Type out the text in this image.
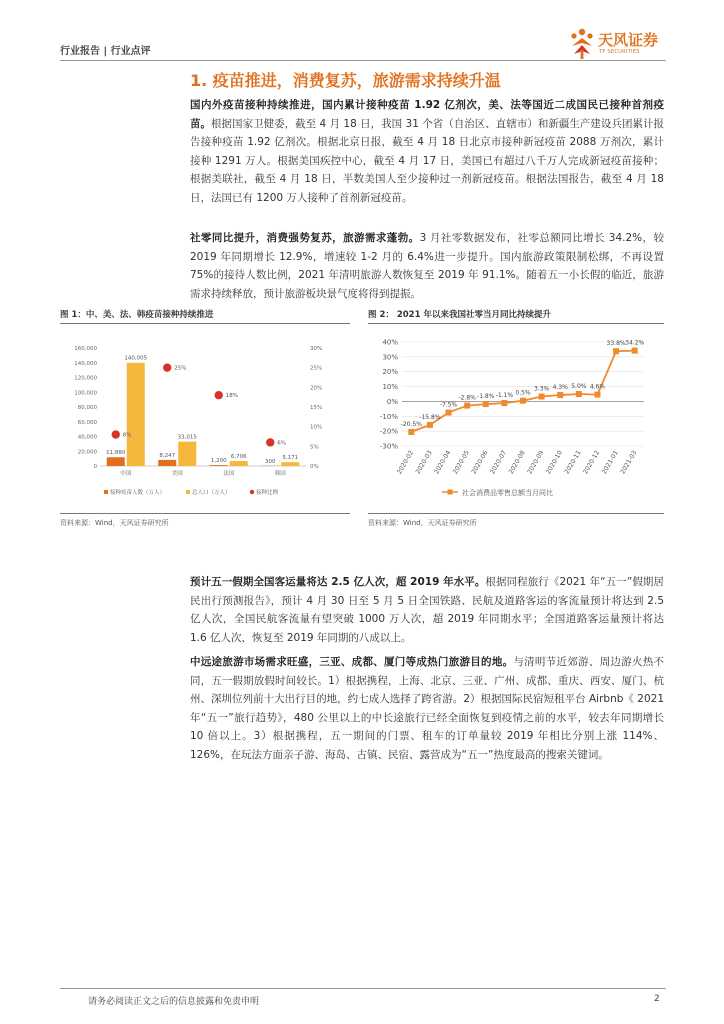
行业报告 | 行业点评
天风证券
TF SECURITIES
1. 疫苗推进，消费复苏，旅游需求持续升温

国内外疫苗接种持续推进，国内累计接种疫苗 1.92 亿剂次，美、法等国近二成国民已接种首剂疫苗。根据国家卫健委，截至 4 月 18 日，我国 31 个省（自治区、直辖市）和新疆生产建设兵团累计报告接种疫苗 1.92 亿剂次。根据北京日报，截至 4 月 18 日北京市接种新冠疫苗 2088 万剂次，累计接种 1291 万人。根据美国疾控中心，截至 4 月 17 日，美国已有超过八千万人完成新冠疫苗接种；根据美联社，截至 4 月 18 日，半数美国人至少接种过一剂新冠疫苗。根据法国报告，截至 4 月 18 日，法国已有 1200 万人接种了首剂新冠疫苗。

社零同比提升，消费强势复苏，旅游需求蓬勃。3 月社零数据发布，社零总额同比增长 34.2%，较 2019 年同期增长 12.9%，增速较 1-2 月的 6.4%进一步提升。国内旅游政策限制松绑，不再设置 75%的接待人数比例，2021 年清明旅游人数恢复至 2019 年 91.1%。随着五一小长假的临近，旅游需求持续释放，预计旅游板块景气度将得到提振。

图 1：中、美、法、韩疫苗接种持续推进
0
20,000
40,000
60,000
80,000
100,000
120,000
140,000
160,000
0%
5%
10%
15%
20%
25%
30%
11,880
140,005
8%
中国
8,247
33,015
25%
美国
1,200
6,706
18%
法国
300
5,171
6%
韩国
接种疫苗人数（万人）	总人口（万人）	接种比例
资料来源：Wind，天风证券研究所
图 2： 2021 年以来我国社零当月同比持续提升
-30%
-20%
-10%
0%
10%
20%
30%
40%
-20.5%
2020-02
-15.8%
2020-03
-7.5%
2020-04
-2.8%
2020-05
-1.8%
2020-06
-1.1%
2020-07
0.5%
2020-08
3.3%
2020-09
4.3%
2020-10
5.0%
2020-11
4.6%
2020-12
33.8%
2021-01
34.2%
2021-03
社会消费品零售总额当月同比
资料来源：Wind，天风证券研究所

预计五一假期全国客运量将达 2.5 亿人次，超 2019 年水平。根据同程旅行《2021 年“五一”假期居民出行预测报告》，预计 4 月 30 日至 5 月 5 日全国铁路、民航及道路客运的客流量预计将达到 2.5 亿人次，全国民航客流量有望突破 1000 万人次，超 2019 年同期水平；全国道路客运量预计将达 1.6 亿人次，恢复至 2019 年同期的八成以上。

中远途旅游市场需求旺盛，三亚、成都、厦门等成热门旅游目的地。与清明节近郊游、周边游火热不同，五一假期放假时间较长。1）根据携程，上海、北京、三亚、广州、成都、重庆、西安、厦门、杭州、深圳位列前十大出行目的地，约七成人选择了跨省游。2）根据国际民宿短租平台 Airbnb《 2021 年“五一”旅行趋势》，480 公里以上的中长途旅行已经全面恢复到疫情之前的水平，较去年同期增长 10 倍以上。3）根据携程，五一期间的门票、租车的订单量较 2019 年相比分别上涨 114%、126%，在玩法方面亲子游、海岛、古镇、民宿、露营成为“五一”热度最高的搜索关键词。

请务必阅读正文之后的信息披露和免责申明	2
